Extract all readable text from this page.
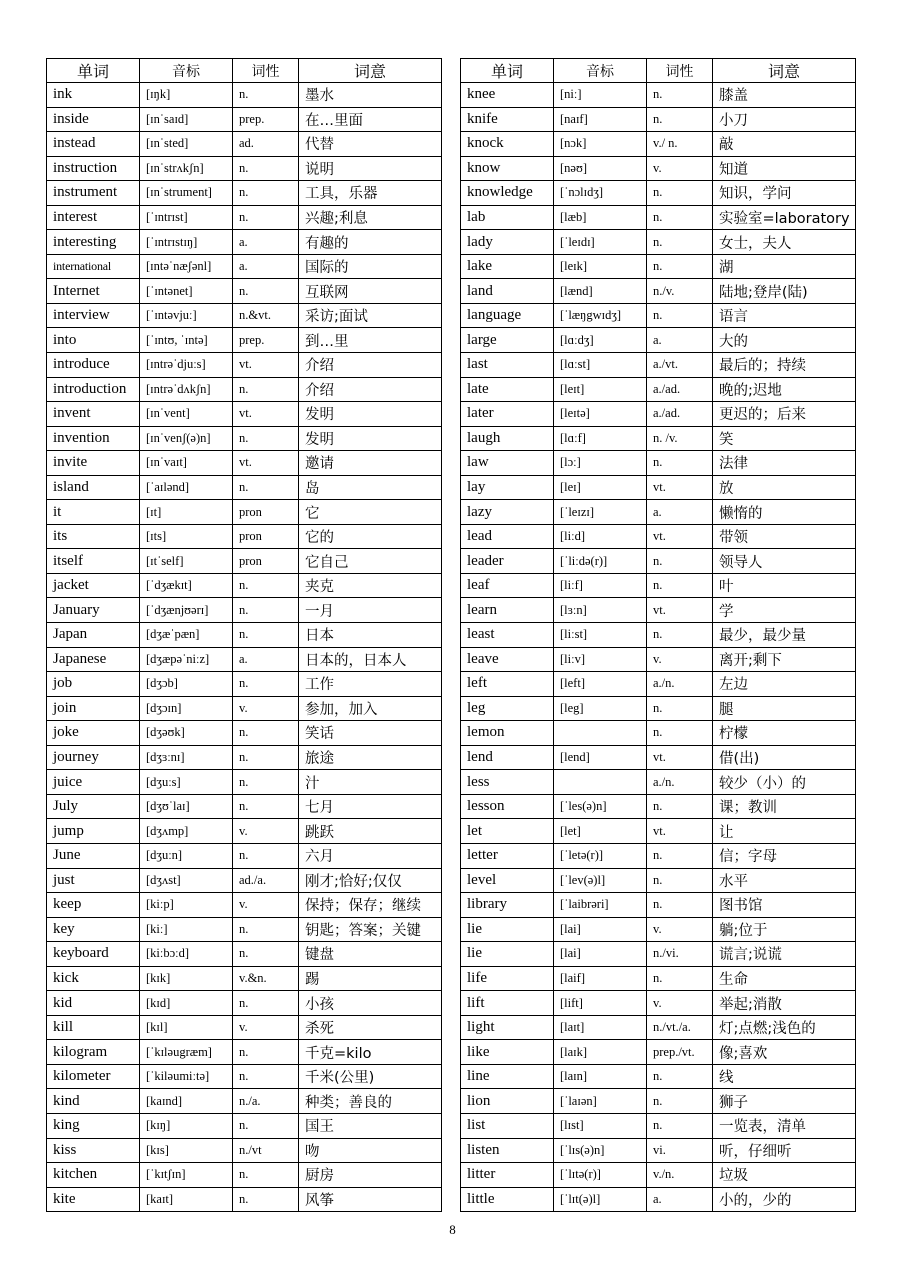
单词	音标	词性	词意
ink	[ɪŋk]	n.	墨水
inside	[ɪnˈsaɪd]	prep.	在…里面
instead	[ɪnˈsted]	ad.	代替
instruction	[ɪnˈstrʌkʃn]	n.	说明
instrument	[ɪnˈstrument]	n.	工具，乐器
interest	[ˈɪntrɪst]	n.	兴趣;利息
interesting	[ˈɪntrɪstɪŋ]	a.	有趣的
international	[ɪntəˈnæʃənl]	a.	国际的
Internet	[ˈɪntənet]	n.	互联网
interview	[ˈɪntəvjuː]	n.&vt.	采访;面试
into	[ˈɪntʊ, ˈɪntə]	prep.	到…里
introduce	[ɪntrəˈdjuːs]	vt.	介绍
introduction	[ɪntrəˈdʌkʃn]	n.	介绍
invent	[ɪnˈvent]	vt.	发明
invention	[ɪnˈvenʃ(ə)n]	n.	发明
invite	[ɪnˈvaɪt]	vt.	邀请
island	[ˈaɪlənd]	n.	岛
it	[ɪt]	pron	它
its	[ɪts]	pron	它的
itself	[ɪtˈself]	pron	它自己
jacket	[ˈdʒækɪt]	n.	夹克
January	[ˈdʒænjʊərɪ]	n.	一月
Japan	[dʒæˈpæn]	n.	日本
Japanese	[dʒæpəˈniːz]	a.	日本的，日本人
job	[dʒɔb]	n.	工作
join	[dʒɔɪn]	v.	参加，加入
joke	[dʒəʊk]	n.	笑话
journey	[dʒɜːnɪ]	n.	旅途
juice	[dʒuːs]	n.	汁
July	[dʒʊˈlaɪ]	n.	七月
jump	[dʒʌmp]	v.	跳跃
June	[dʒuːn]	n.	六月
just	[dʒʌst]	ad./a.	刚才;恰好;仅仅
keep	[kiːp]	v.	保持；保存；继续
key	[kiː]	n.	钥匙；答案；关键
keyboard	[kiːbɔːd]	n.	键盘
kick	[kɪk]	v.&n.	踢
kid	[kɪd]	n.	小孩
kill	[kɪl]	v.	杀死
kilogram	[ˈkɪləugræm]	n.	千克=kilo
kilometer	[ˈkiləumiːtə]	n.	千米(公里)
kind	[kaɪnd]	n./a.	种类；善良的
king	[kɪŋ]	n.	国王
kiss	[kɪs]	n./vt	吻
kitchen	[ˈkɪtʃɪn]	n.	厨房
kite	[kaɪt]	n.	风筝
单词	音标	词性	词意
knee	[niː]	n.	膝盖
knife	[naɪf]	n.	小刀
knock	[nɔk]	v./ n.	敲
know	[nəʊ]	v.	知道
knowledge	[ˈnɔlɪdʒ]	n.	知识，学问
lab	[læb]	n.	实验室=laboratory
lady	[ˈleɪdɪ]	n.	女士，夫人
lake	[leɪk]	n.	湖
land	[lænd]	n./v.	陆地;登岸(陆)
language	[ˈlæŋgwɪdʒ]	n.	语言
large	[lɑːdʒ]	a.	大的
last	[lɑːst]	a./vt.	最后的；持续
late	[leɪt]	a./ad.	晚的;迟地
later	[leɪtə]	a./ad.	更迟的；后来
laugh	[lɑːf]	n. /v.	笑
law	[lɔː]	n.	法律
lay	[leɪ]	vt.	放
lazy	[ˈleɪzɪ]	a.	懒惰的
lead	[liːd]	vt.	带领
leader	[ˈliːdə(r)]	n.	领导人
leaf	[liːf]	n.	叶
learn	[lɜːn]	vt.	学
least	[liːst]	n.	最少，最少量
leave	[liːv]	v.	离开;剩下
left	[left]	a./n.	左边
leg	[leg]	n.	腿
lemon		n.	柠檬
lend	[lend]	vt.	借(出)
less		a./n.	较少（小）的
lesson	[ˈles(ə)n]	n.	课；教训
let	[let]	vt.	让
letter	[ˈletə(r)]	n.	信；字母
level	[ˈlev(ə)l]	n.	水平
library	[ˈlaibrəri]	n.	图书馆
lie	[lai]	v.	躺;位于
lie	[lai]	n./vi.	谎言;说谎
life	[laif]	n.	生命
lift	[lift]	v.	举起;消散
light	[laɪt]	n./vt./a.	灯;点燃;浅色的
like	[laɪk]	prep./vt.	像;喜欢
line	[laɪn]	n.	线
lion	[ˈlaɪən]	n.	狮子
list	[lɪst]	n.	一览表，清单
listen	[ˈlɪs(ə)n]	vi.	听，仔细听
litter	[ˈlɪtə(r)]	v./n.	垃圾
little	[ˈlɪt(ə)l]	a.	小的，少的
8
